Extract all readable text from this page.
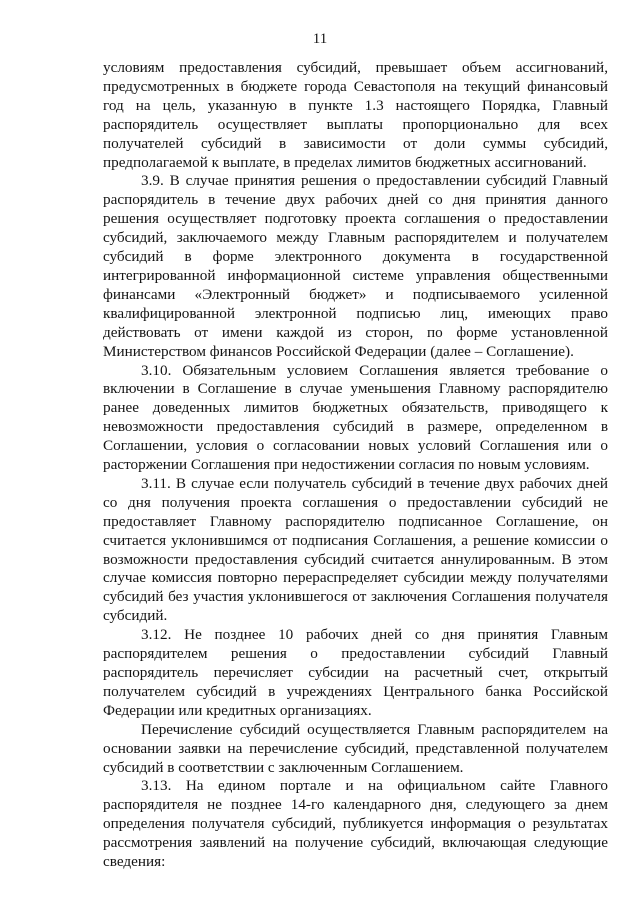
11

условиям предоставления субсидий, превышает объем ассигнований, предусмотренных в бюджете города Севастополя на текущий финансовый год на цель, указанную в пункте 1.3 настоящего Порядка, Главный распорядитель осуществляет выплаты пропорционально для всех получателей субсидий в зависимости от доли суммы субсидий, предполагаемой к выплате, в пределах лимитов бюджетных ассигнований.

3.9. В случае принятия решения о предоставлении субсидий Главный распорядитель в течение двух рабочих дней со дня принятия данного решения осуществляет подготовку проекта соглашения о предоставлении субсидий, заключаемого между Главным распорядителем и получателем субсидий в форме электронного документа в государственной интегрированной информационной системе управления общественными финансами «Электронный бюджет» и подписываемого усиленной квалифицированной электронной подписью лиц, имеющих право действовать от имени каждой из сторон, по форме установленной Министерством финансов Российской Федерации (далее – Соглашение).

3.10. Обязательным условием Соглашения является требование о включении в Соглашение в случае уменьшения Главному распорядителю ранее доведенных лимитов бюджетных обязательств, приводящего к невозможности предоставления субсидий в размере, определенном в Соглашении, условия о согласовании новых условий Соглашения или о расторжении Соглашения при недостижении согласия по новым условиям.

3.11. В случае если получатель субсидий в течение двух рабочих дней со дня получения проекта соглашения о предоставлении субсидий не предоставляет Главному распорядителю подписанное Соглашение, он считается уклонившимся от подписания Соглашения, а решение комиссии о возможности предоставления субсидий считается аннулированным. В этом случае комиссия повторно перераспределяет субсидии между получателями субсидий без участия уклонившегося от заключения Соглашения получателя субсидий.

3.12. Не позднее 10 рабочих дней со дня принятия Главным распорядителем решения о предоставлении субсидий Главный распорядитель перечисляет субсидии на расчетный счет, открытый получателем субсидий в учреждениях Центрального банка Российской Федерации или кредитных организациях.

Перечисление субсидий осуществляется Главным распорядителем на основании заявки на перечисление субсидий, представленной получателем субсидий в соответствии с заключенным Соглашением.

3.13. На едином портале и на официальном сайте Главного распорядителя не позднее 14-го календарного дня, следующего за днем определения получателя субсидий, публикуется информация о результатах рассмотрения заявлений на получение субсидий, включающая следующие сведения:
